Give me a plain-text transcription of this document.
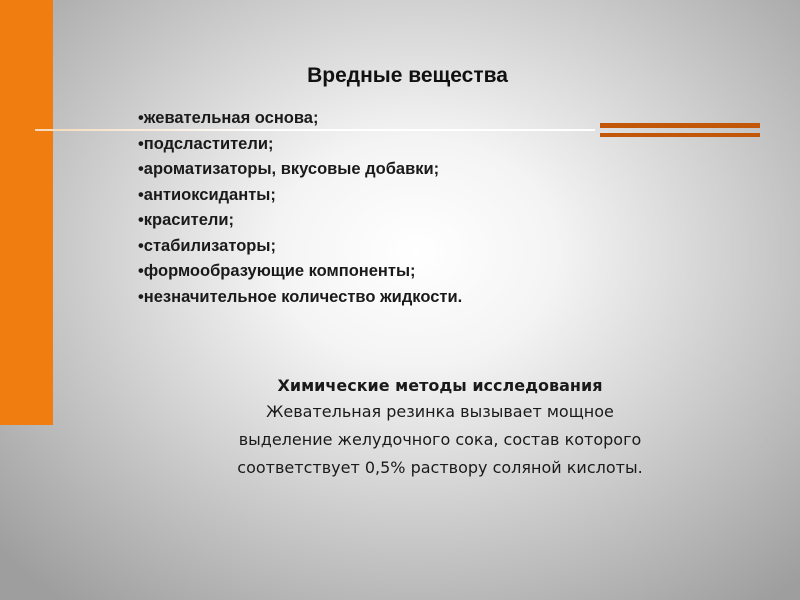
Вредные вещества
• жевательная основа;
• подсластители;
• ароматизаторы, вкусовые добавки;
• антиоксиданты;
• красители;
• стабилизаторы;
• формообразующие компоненты;
• незначительное количество жидкости.
Химические методы исследования
Жевательная резинка вызывает мощное
выделение желудочного сока, состав которого
соответствует 0,5% раствору соляной кислоты.
